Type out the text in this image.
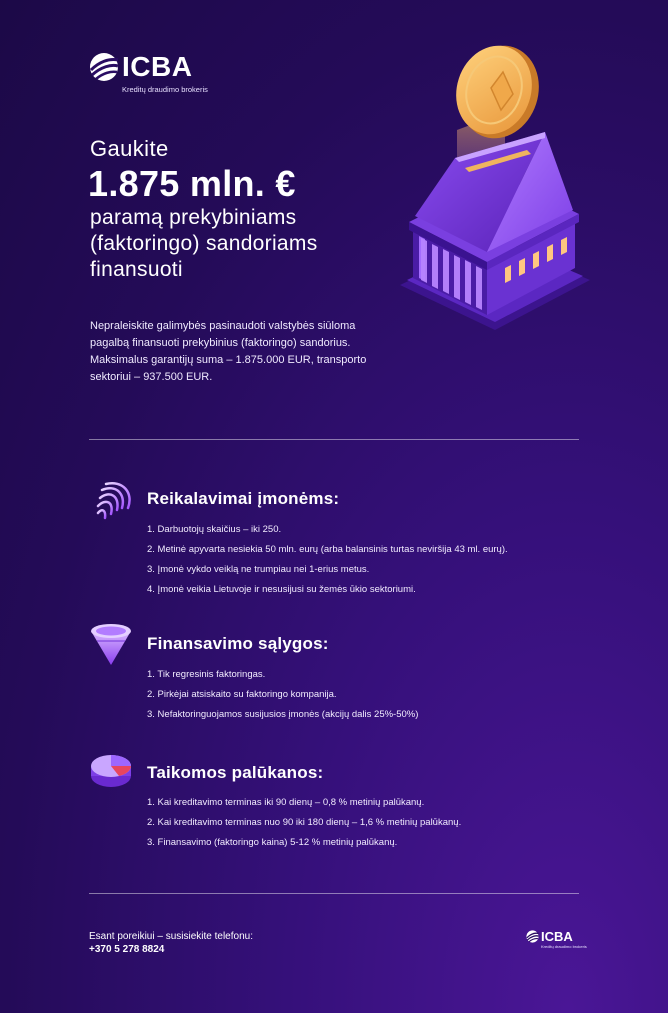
ICBA
Kreditų draudimo brokeris
Gaukite
1.875 mln. €
paramą prekybiniams (faktoringo) sandoriams finansuoti
Nepraleiskite galimybės pasinaudoti valstybės siūloma pagalbą finansuoti prekybinius (faktoringo) sandorius. Maksimalus garantijų suma – 1.875.000 EUR, transporto sektoriui – 937.500 EUR.
Reikalavimai įmonėms:
1. Darbuotojų skaičius – iki 250.
2. Metinė apyvarta nesiekia 50 mln. eurų (arba balansinis turtas neviršija 43 ml. eurų).
3. Įmonė vykdo veiklą ne trumpiau nei 1-erius metus.
4. Įmonė veikia Lietuvoje ir nesusijusi su žemės ūkio sektoriumi.
Finansavimo sąlygos:
1. Tik regresinis faktoringas.
2. Pirkėjai atsiskaito su faktoringo kompanija.
3. Nefaktoringuojamos susijusios įmonės (akcijų dalis 25%-50%)
Taikomos palūkanos:
1. Kai kreditavimo terminas iki 90 dienų – 0,8 % metinių palūkanų.
2. Kai kreditavimo terminas nuo 90 iki 180 dienų – 1,6 % metinių palūkanų.
3. Finansavimo (faktoringo kaina) 5-12 % metinių palūkanų.
Esant poreikiui – susisiekite telefonu:
+370 5 278 8824
ICBA
Kreditų draudimo brokeris
